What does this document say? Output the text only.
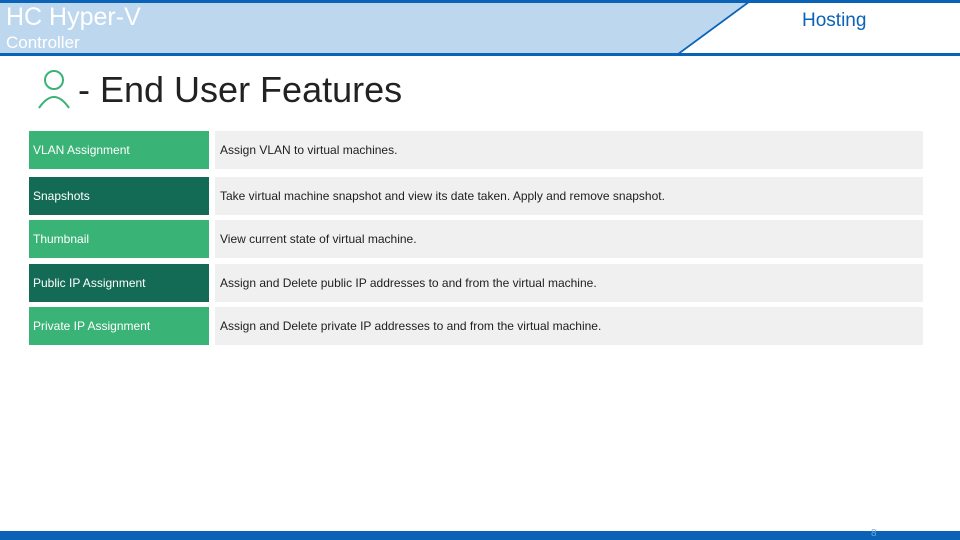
HC Hyper-V
Controller
Hosting
- End User Features
VLAN Assignment	Assign VLAN to virtual machines.
Snapshots	Take virtual machine snapshot and view its date taken. Apply and remove snapshot.
Thumbnail	View current state of virtual machine.
Public IP Assignment	Assign and Delete public IP addresses to and from the virtual machine.
Private IP Assignment	Assign and Delete private IP addresses to and from the virtual machine.
8
